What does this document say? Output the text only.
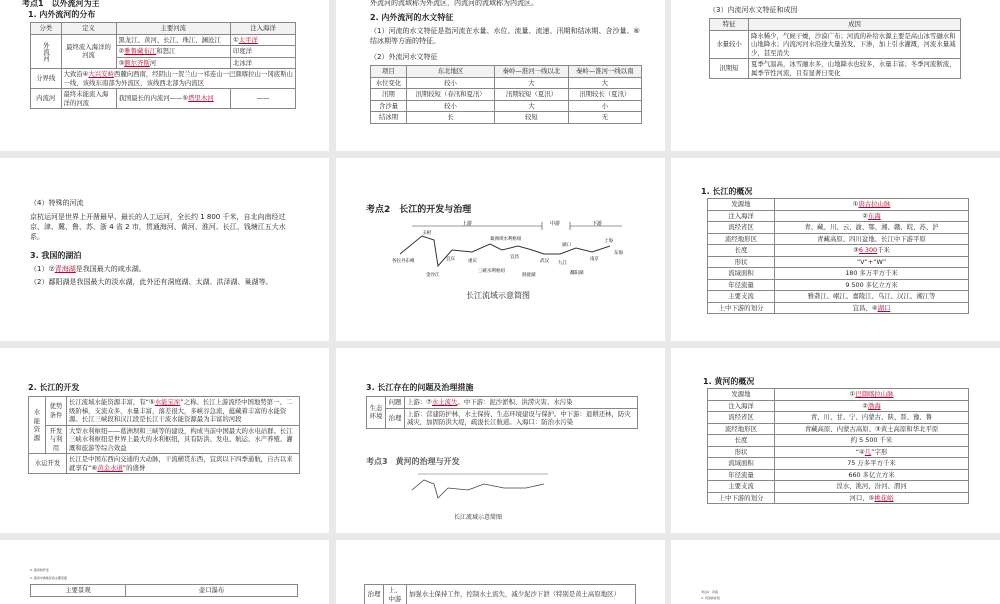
考点1　以外流河为主
1. 内外流河的分布
分类	定义	主要河流	注入海洋
外流河	最终流入海洋的河流	黑龙江、黄河、长江、珠江、澜沧江	①太平洋
		②雅鲁藏布江和怒江	印度洋
		③额尔齐斯河	北冰洋
分界线	大致沿④大兴安岭西麓向西南，经阴山一贺兰山一祁连山一巴颜喀拉山一冈底斯山一线，该线东南部为外流区，该线西北部为内流区		
内流河	最终未能流入海洋的河流	我国最长的内流河——⑤塔里木河	——
外流河的流域称为外流区，内流河的流域称为内流区。
2. 内外流河的水文特征
（1）河流的水文特征是指河流在水量、水位、流量、流速、汛期和结冰期、含沙量、⑥结冰期等方面的特征。
（2）外流河水文特征
项目	东北地区	秦岭—淮河一线以北	秦岭—淮河一线以南
水位变化	较小	大	大
汛期	汛期较短（春汛和夏汛）	汛期较短（夏汛）	汛期较长（夏汛）
含沙量	较小	大	小
结冰期	长	较短	无
（3）内流河水文特征和成因
特征	成因
水量较小	降水稀少，气候干燥，沙漠广布；河流的补给水源主要是高山冰雪融水和山地降水；内流河河水沿途大量蒸发、下渗，加上引水灌溉，河流水量减少，甚至消失
汛期短	夏季气温高，冰雪融水多，山地降水也较多，水量丰富；冬季河流断流，属季节性河流，且有显著日变化
（4）特殊的河流
京杭运河是世界上开凿最早、最长的人工运河，全长约 1 800 千米，自北向南经过京、津、冀、鲁、苏、浙 4 省 2 市，贯通海河、黄河、淮河、长江、钱塘江五大水系。
3. 我国的湖泊
（1）⑦青海湖是我国最大的咸水湖。
（2）鄱阳湖是我国最大的淡水湖，此外还有洞庭湖、太湖、洪泽湖、巢湖等。
考点2　长江的开发与治理
上游	中游	下游
各拉丹东峰
玉树
金沙江
宜宾	重庆
三峡水利枢纽
葛洲坝水利枢纽
宜昌
武汉
湖口
九江
南京
上海
东海
鄱阳湖
洞庭湖
长江流域示意简图
1. 长江的概况
发源地	①唐古拉山脉
注入海洋	②东海
流经省区	青、藏、川、云、渝、鄂、湘、赣、皖、苏、沪
流经地形区	青藏高原、四川盆地、长江中下游平原
长度	③6 300千米
形状	“V”+“W”
流域面积	180 多万平方千米
年径流量	9 500 多亿立方米
主要支流	雅砻江、岷江、嘉陵江、乌江、汉江、湘江等
上中下游的划分	宜昌、④湖口
2. 长江的开发
水能资源	优势条件	长江流域水能资源丰富，有“⑤水能宝库”之称。长江上游流经中国地势第一、二级阶梯，支流众多，水量丰富，落差很大，多峡谷急流，蕴藏着丰富的水能资源。长江三峡段和汉江段是长江干流水能资源最为丰富的河段
	开发与利用	大型水利枢纽——葛洲坝和三峡等的建设，构成当前中国最大的水电站群。长江三峡水利枢纽是世界上最大的水利枢纽，具有防洪、发电、航运、水产养殖、灌溉和旅游等综合效益
水运开发		长江是中国东西向交通的大动脉，干流横贯东西，宜宾以下四季通航，自古以来就享有“⑥黄金水道”的盛誉
3. 长江存在的问题及治理措施
生态环境	问题	上游：⑦水土流失。中下游：泥沙淤积、洪涝灾害、水污染
	治理	上游：营建防护林，水土保持、生态环境建设与保护。中下游：退耕还林，防灾减灾，加固防洪大堤，疏浚长江航道。入海口：防治水污染
考点3　黄河的治理与开发
长江流域示意简图
1. 黄河的概况
发源地	①巴颜喀拉山脉
注入海洋	②渤海
流经省区	青、川、甘、宁、内蒙古、陕、晋、豫、鲁
流经地形区	青藏高原、内蒙古高原、③黄土高原和华北平原
长度	约 5 500 千米
形状	“④几”字形
流域面积	75 万多平方千米
年径流量	660 多亿立方米
主要支流	湟水、洮河、汾河、渭河
上中下游的划分	河口、⑤桃花峪
2. 黄河的开发
1. 黄河中游地区的主要景观
主要景观	壶口瀑布
治理	上、中游	加强水土保持工作，控制水土流失，减少泥沙下泄（特别是黄土高原地区）	考点4　河流
1. 河流的补给
